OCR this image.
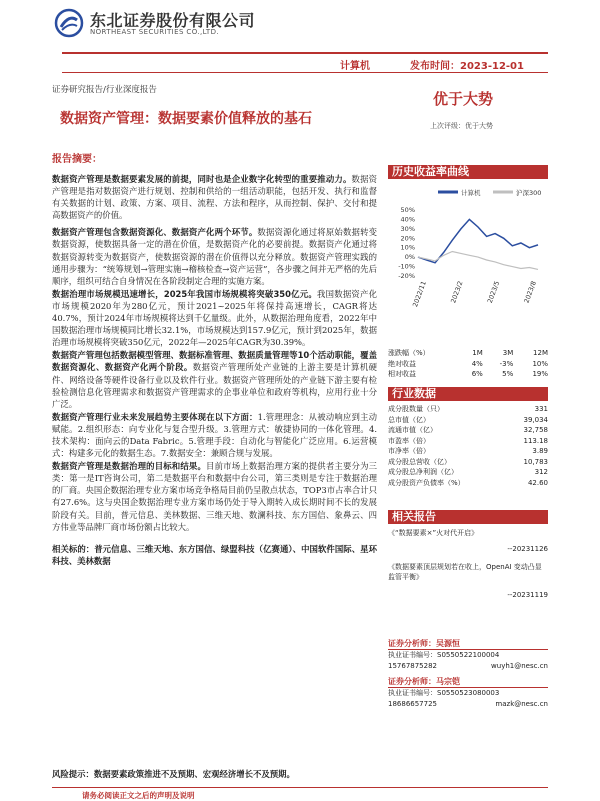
东北证券股份有限公司
NORTHEAST SECURITIES CO.,LTD.
计算机	发布时间：2023-12-01
证券研究报告/行业深度报告
数据资产管理：数据要素价值释放的基石
优于大势
上次评级：优于大势
报告摘要：

数据资产管理是数据要素发展的前提，同时也是企业数字化转型的重要推动力。数据资产管理是指对数据资产进行规划、控制和供给的一组活动职能，包括开发、执行和监督有关数据的计划、政策、方案、项目、流程、方法和程序，从而控制、保护、交付和提高数据资产的价值。

数据资产管理包含数据资源化、数据资产化两个环节。数据资源化通过将原始数据转变数据资源，使数据具备一定的潜在价值，是数据资产化的必要前提。数据资产化通过将数据资源转变为数据资产，使数据资源的潜在价值得以充分释放。数据资产管理实践的通用步骤为：“统筹规划→管理实施→稽核检查→资产运营”，各步骤之间并无严格的先后顺序，组织可结合自身情况在各阶段制定合理的实施方案。

数据治理市场规模迅速增长，2025年我国市场规模将突破350亿元。我国数据资产化市场规模2020年为280亿元，预计2021~2025年将保持高速增长，CAGR将达40.7%，预计2024年市场规模将达到千亿量级。此外，从数据治理角度看，2022年中国数据治理市场规模同比增长32.1%，市场规模达到157.9亿元，预计到2025年，数据治理市场规模将突破350亿元，2022年—2025年CAGR为30.39%。

数据资产管理包括数据模型管理、数据标准管理、数据质量管理等10个活动职能，覆盖数据资源化、数据资产化两个阶段。数据资产管理所处产业链的上游主要是计算机硬件、网络设备等硬件设备行业以及软件行业。数据资产管理所处的产业链下游主要有检验检测信息化管理需求和数据资产管理需求的企事业单位和政府等机构，应用行业十分广泛。

数据资产管理行业未来发展趋势主要体现在以下方面：1.管理理念：从被动响应到主动赋能。2.组织形态：向专业化与复合型升级。3.管理方式：敏捷协同的一体化管理。4.技术架构：面向云的Data Fabric。5.管理手段：自动化与智能化广泛应用。6.运营模式：构建多元化的数据生态。7.数据安全：兼顾合规与发展。

数据资产管理是数据治理的目标和结果。目前市场上数据治理方案的提供者主要分为三类：第一是IT咨询公司，第二是数据平台和数据中台公司，第三类则是专注于数据治理的厂商。央国企数据治理专业方案市场竞争格局目前仍呈散点状态，TOP3市占率合计只有27.6%。这与央国企数据治理专业方案市场仍处于导入期转入成长期时间不长的发展阶段有关。目前，普元信息、美林数据、三维天地、数澜科技、东方国信、象鼻云、四方伟业等品牌厂商市场份额占比较大。

相关标的：普元信息、三维天地、东方国信、绿盟科技（亿赛通）、中国软件国际、星环科技、美林数据

风险提示：数据要素政策推进不及预期、宏观经济增长不及预期。
历史收益率曲线
计算机	沪深300
50%
40%
30%
20%
10%
0%
-10%
-20%
2022/11	2023/2	2023/5	2023/8
涨跌幅（%）	1M	3M	12M
绝对收益	4%	-3%	10%
相对收益	6%	5%	19%
行业数据
成分股数量（只）	331
总市值（亿）	39,034
流通市值（亿）	32,758
市盈率（倍）	113.18
市净率（倍）	3.89
成分股总营收（亿）	10,783
成分股总净利润（亿）	312
成分股资产负债率（%）	42.60
相关报告
《“数据要素×”火对代开启》
--20231126
《数据要素顶层规划若在收上，OpenAI 变动凸显监管平衡》
--20231119
证券分析师：吴源恒
执业证书编号：S0550522100004
15767875282	wuyh1@nesc.cn
证券分析师：马宗铠
执业证书编号：S0550523080003
18686657725	mazk@nesc.cn
请务必阅读正文之后的声明及说明
